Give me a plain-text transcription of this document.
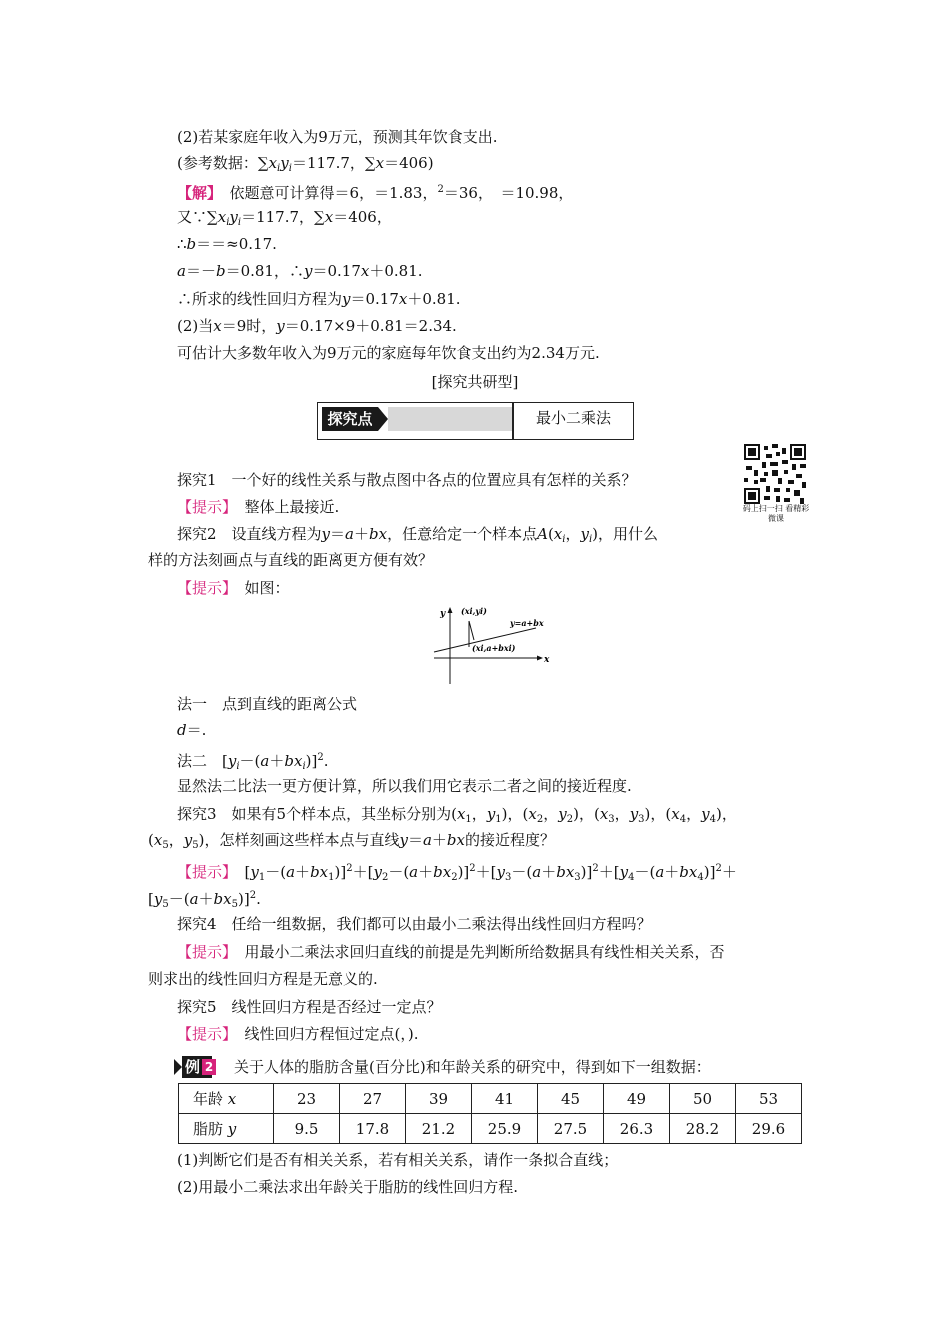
(2)若某家庭年收入为9万元，预测其年饮食支出.
(参考数据：$\sum x_iy_i=117.7$，∑x＝406)
【解】　 依题意可计算得＝6，＝1.83，$^2$＝36，　＝10.98，
又$\because\sum x_iy_i=117.7$，∑x＝406，
∴b＝＝≈0.17.
a＝－b＝0.81，∴y＝0.17x＋0.81.
∴所求的线性回归方程为y＝0.17x＋0.81.
(2)当x＝9时，y＝0.17×9＋0.81＝2.34.
可估计大多数年收入为9万元的家庭每年饮食支出约为2.34万元.
[探究共研型]
探究点	最小二乘法
码上扫一扫 看精彩微课
探究1　一个好的线性关系与散点图中各点的位置应具有怎样的关系？
【提示】　 整体上最接近.
探究2　设直线方程为y＝a＋bx，任意给定一个样本点$A(x_i$，$y_i$)，用什么
样的方法刻画点与直线的距离更方便有效？
【提示】　 如图：
y
x
(xi,yi)
y=a+bx
(xi,a+bxi)
法一　点到直线的距离公式
d＝.
法二　$[y_i-(a+bx_i)]^2$.
显然法二比法一更方便计算，所以我们用它表示二者之间的接近程度.
探究3　如果有5个样本点，其坐标分别为($x_1$，$y_1$)，($x_2$，$y_2$)，($x_3$，$y_3$)，($x_4$，$y_4$)，
($x_5$，$y_5$)，怎样刻画这些样本点与直线y＝a＋bx的接近程度？
【提示】　$[y_1-(a+bx_1)]^2+[y_2-(a+bx_2)]^2+[y_3-(a+bx_3)]^2+[y_4-(a+bx_4)]^2+$
$[y_5-(a+bx_5)]^2$.
探究4　任给一组数据，我们都可以由最小二乘法得出线性回归方程吗？
【提示】　 用最小二乘法求回归直线的前提是先判断所给数据具有线性相关关系，否
则求出的线性回归方程是无意义的.
探究5　线性回归方程是否经过一定点？
【提示】　 线性回归方程恒过定点(，).
例 2 关于人体的脂肪含量(百分比)和年龄关系的研究中，得到如下一组数据：
年龄 x	23	27	39	41	45	49	50	53
脂肪 y	9.5	17.8	21.2	25.9	27.5	26.3	28.2	29.6
(1)判断它们是否有相关关系，若有相关关系，请作一条拟合直线；
(2)用最小二乘法求出年龄关于脂肪的线性回归方程.
